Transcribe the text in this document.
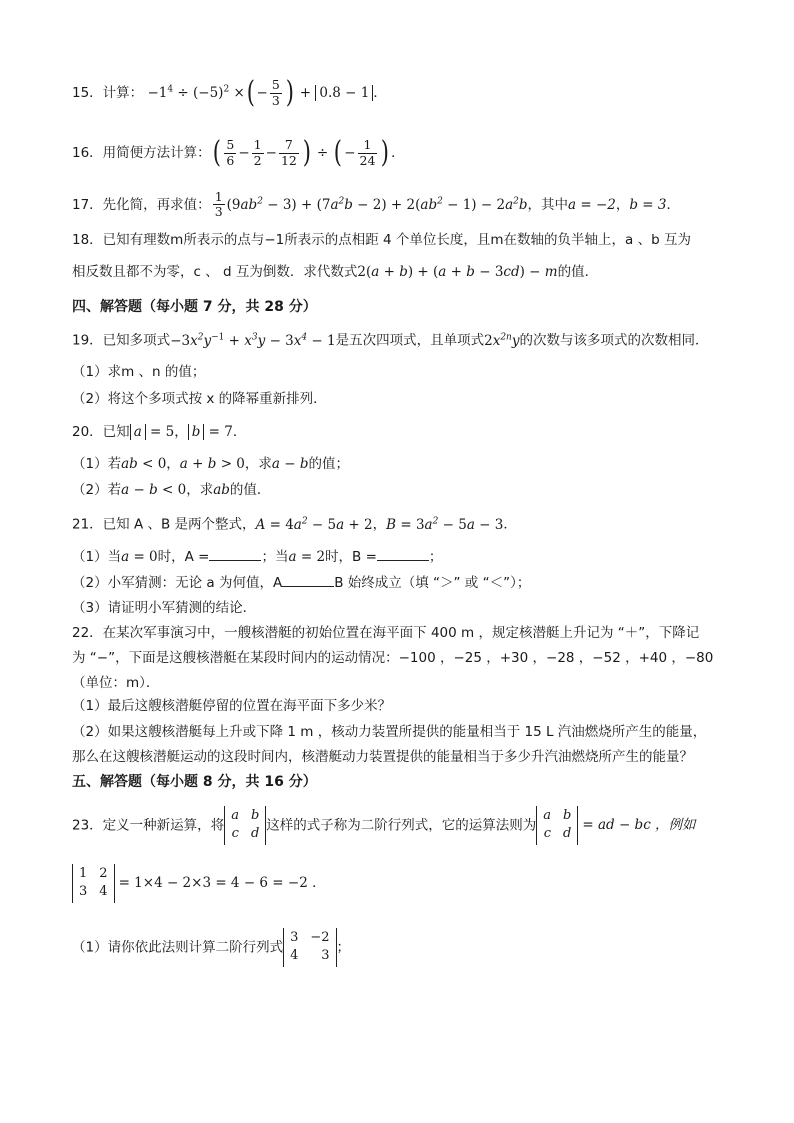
15．计算： $-1^4 \div (-5)^2$ ×( − $\frac{5}{3}$ ) + 0.8 − 1 ．
16．用简便方法计算：( $\frac{5}{6} - \frac{1}{2} - \frac{7}{12}$ ) ÷ ( − $\frac{1}{24}$ ) ．
17．先化简，再求值： $\frac{1}{3} (9ab^2 - 3) + (7a^2b - 2) + 2(ab^2 - 1) - 2a^2b$，其中a = −2，b = 3．
18．已知有理数m所表示的点与−1所表示的点相距 4 个单位长度，且m在数轴的负半轴上，a 、b 互为
相反数且都不为零，c 、 d 互为倒数．求代数式2(a + b) + (a + b − 3cd) − m的值．
四、解答题（每小题 7 分，共 28 分）
19．已知多项式$-3x^2y^{-1} + x^3y - 3x^4 - 1$是五次四项式，且单项式$2x^{2n}y$的次数与该多项式的次数相同．
（1）求m 、n 的值；
（2）将这个多项式按 x 的降幂重新排列．
20．已知 a = 5， b = 7．
（1）若ab < 0，a + b > 0，求a − b的值；
（2）若a − b < 0，求ab的值．
21．已知 A 、B 是两个整式，$A = 4a^2 - 5a + 2$，$B = 3a^2 - 5a - 3$．
（1）当a = 0时，A =	；当a = 2时，B =	；
（2）小军猜测：无论 a 为何值，A	B 始终成立（填 “＞” 或 “＜”）；
（3）请证明小军猜测的结论．
22．在某次军事演习中，一艘核潜艇的初始位置在海平面下 400 m ，规定核潜艇上升记为 “＋”，下降记
为 “−”，下面是这艘核潜艇在某段时间内的运动情况：−100 ，−25 ，+30 ，−28 ，−52 ，+40 ，−80
（单位：m）．
（1）最后这艘核潜艇停留的位置在海平面下多少米？
（2）如果这艘核潜艇每上升或下降 1 m ，核动力装置所提供的能量相当于 15 L 汽油燃烧所产生的能量，
那么在这艘核潜艇运动的这段时间内，核潜艇动力装置提供的能量相当于多少升汽油燃烧所产生的能量？
五、解答题（每小题 8 分，共 16 分）
23．定义一种新运算，将
a b
c d
这样的式子称为二阶行列式，它的运算法则为
a b
c d
= ad − bc ，例如
1 2
3 4
= 1×4 − 2×3 = 4 − 6 = −2 ．
（1）请你依此法则计算二阶行列式
3 −2
4	3
；
